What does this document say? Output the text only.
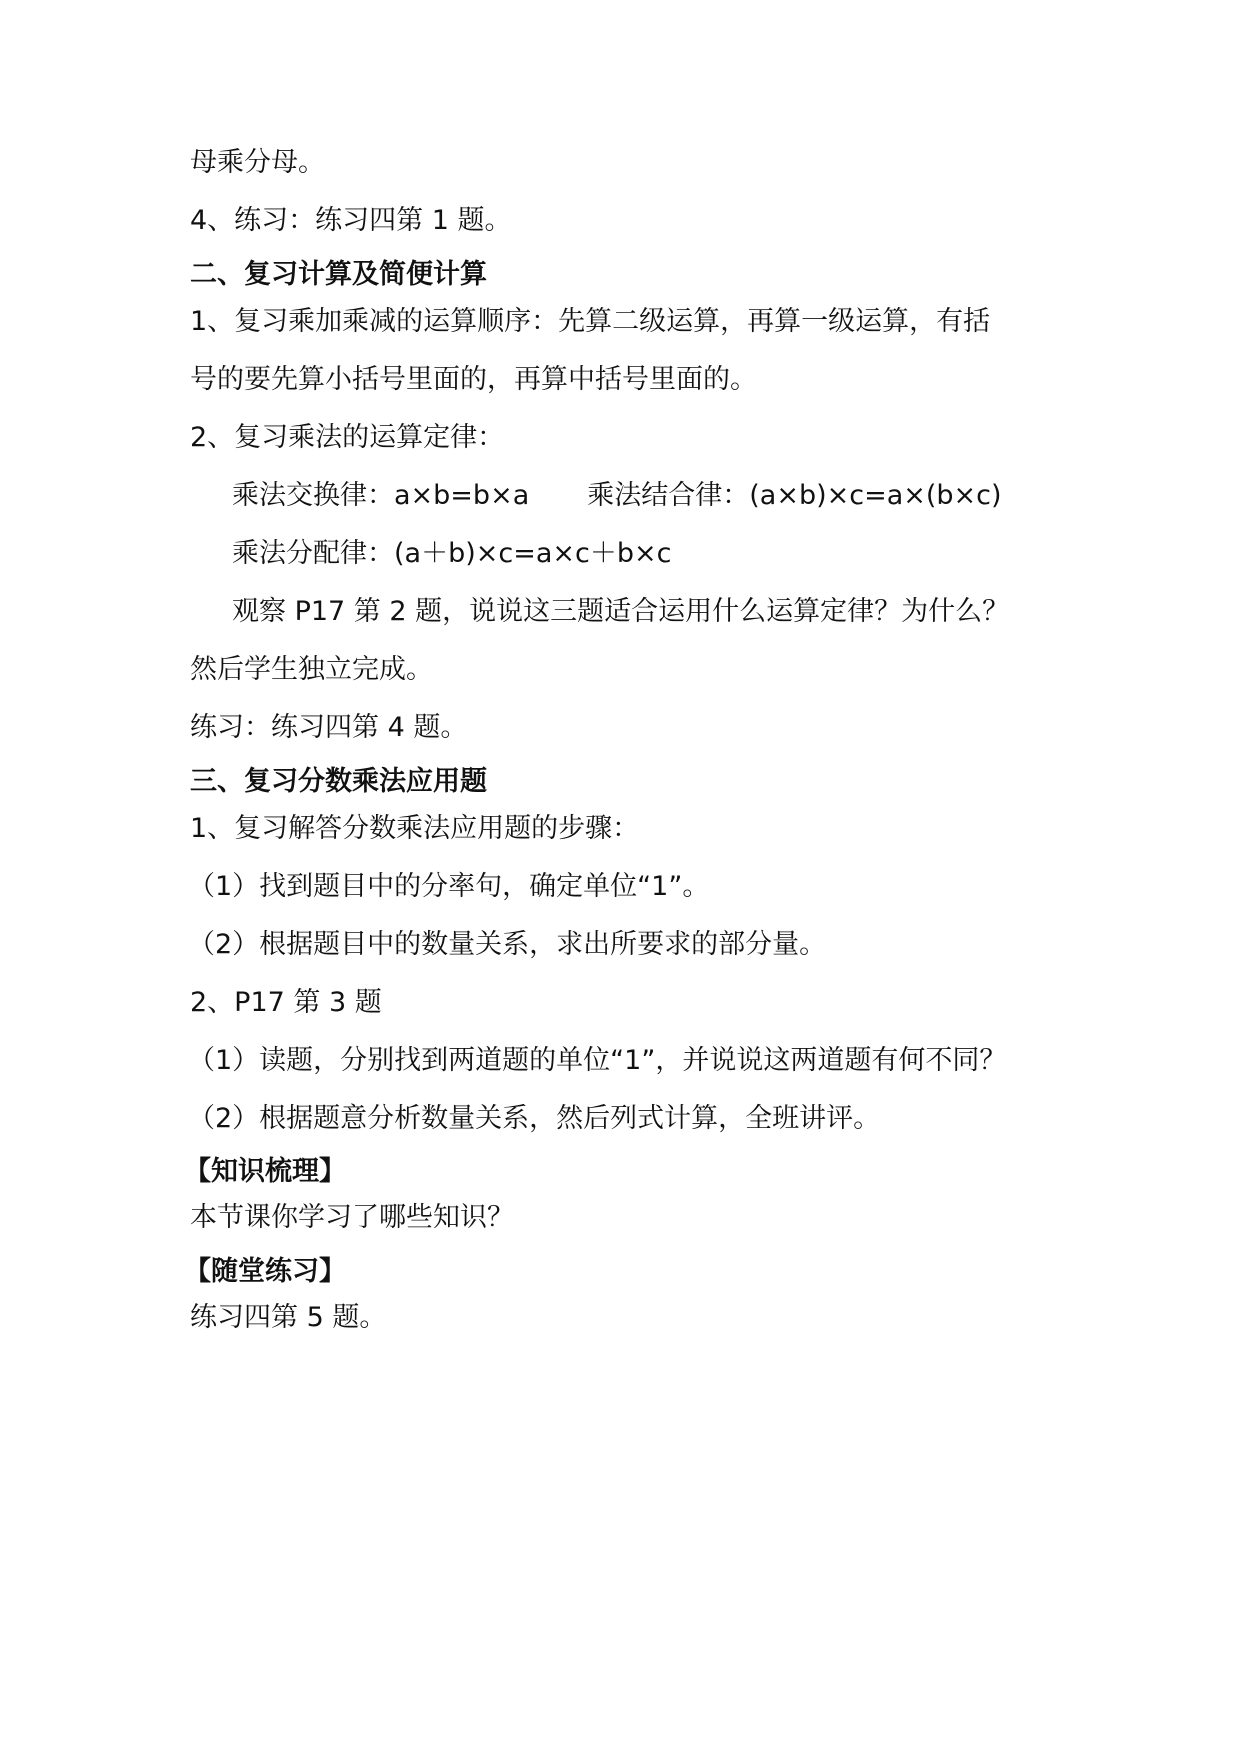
母乘分母。
4、练习：练习四第 1 题。
二、复习计算及简便计算
1、复习乘加乘减的运算顺序：先算二级运算，再算一级运算，有括
号的要先算小括号里面的，再算中括号里面的。
2、复习乘法的运算定律：
乘法交换律：a×b=b×a 乘法结合律：(a×b)×c=a×(b×c)
乘法分配律：(a＋b)×c=a×c＋b×c
观察 P17 第 2 题，说说这三题适合运用什么运算定律？为什么？
然后学生独立完成。
练习：练习四第 4 题。
三、复习分数乘法应用题
1、复习解答分数乘法应用题的步骤：
（1）找到题目中的分率句，确定单位“1”。
（2）根据题目中的数量关系，求出所要求的部分量。
2、P17 第 3 题
（1）读题，分别找到两道题的单位“1”，并说说这两道题有何不同？
（2）根据题意分析数量关系，然后列式计算，全班讲评。
【知识梳理】
本节课你学习了哪些知识？
【随堂练习】
练习四第 5 题。
